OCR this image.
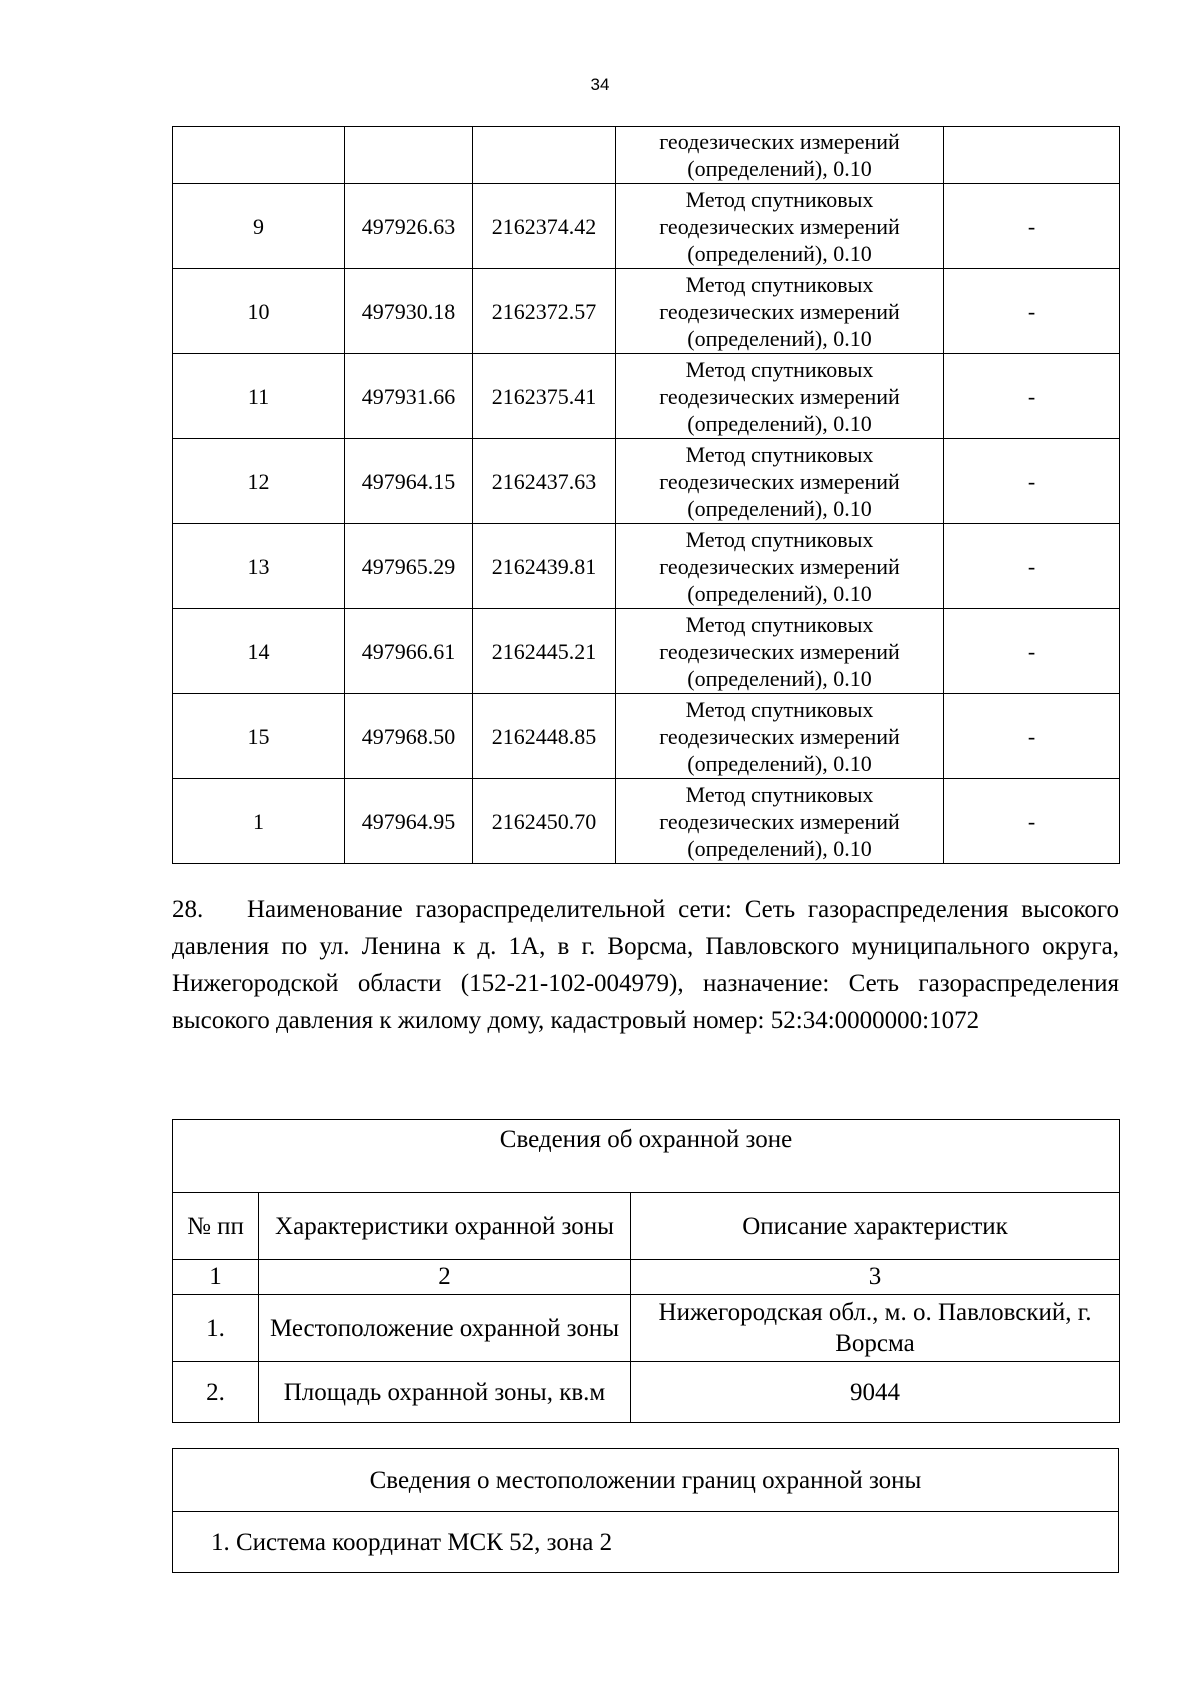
34

			геодезических измерений
(определений), 0.10	

9	497926.63	2162374.42	Метод спутниковых
геодезических измерений
(определений), 0.10	-
10	497930.18	2162372.57	Метод спутниковых
геодезических измерений
(определений), 0.10	-
11	497931.66	2162375.41	Метод спутниковых
геодезических измерений
(определений), 0.10	-
12	497964.15	2162437.63	Метод спутниковых
геодезических измерений
(определений), 0.10	-
13	497965.29	2162439.81	Метод спутниковых
геодезических измерений
(определений), 0.10	-
14	497966.61	2162445.21	Метод спутниковых
геодезических измерений
(определений), 0.10	-
15	497968.50	2162448.85	Метод спутниковых
геодезических измерений
(определений), 0.10	-
1	497964.95	2162450.70	Метод спутниковых
геодезических измерений
(определений), 0.10	-

28. Наименование газораспределительной сети: Сеть газораспределения высокого давления по ул. Ленина к д. 1А, в г. Ворсма, Павловского муниципального округа, Нижегородской области (152-21-102-004979), назначение: Сеть газораспределения высокого давления к жилому дому, кадастровый номер: 52:34:0000000:1072

Сведения об охранной зоне		
№ пп	Характеристики охранной зоны	Описание характеристик
1	2	3
1.	Местоположение охранной зоны	Нижегородская обл., м. о. Павловский, г. Ворсма
2.	Площадь охранной зоны, кв.м	9044
Сведения о местоположении границ охранной зоны
1. Система координат МСК 52, зона 2
